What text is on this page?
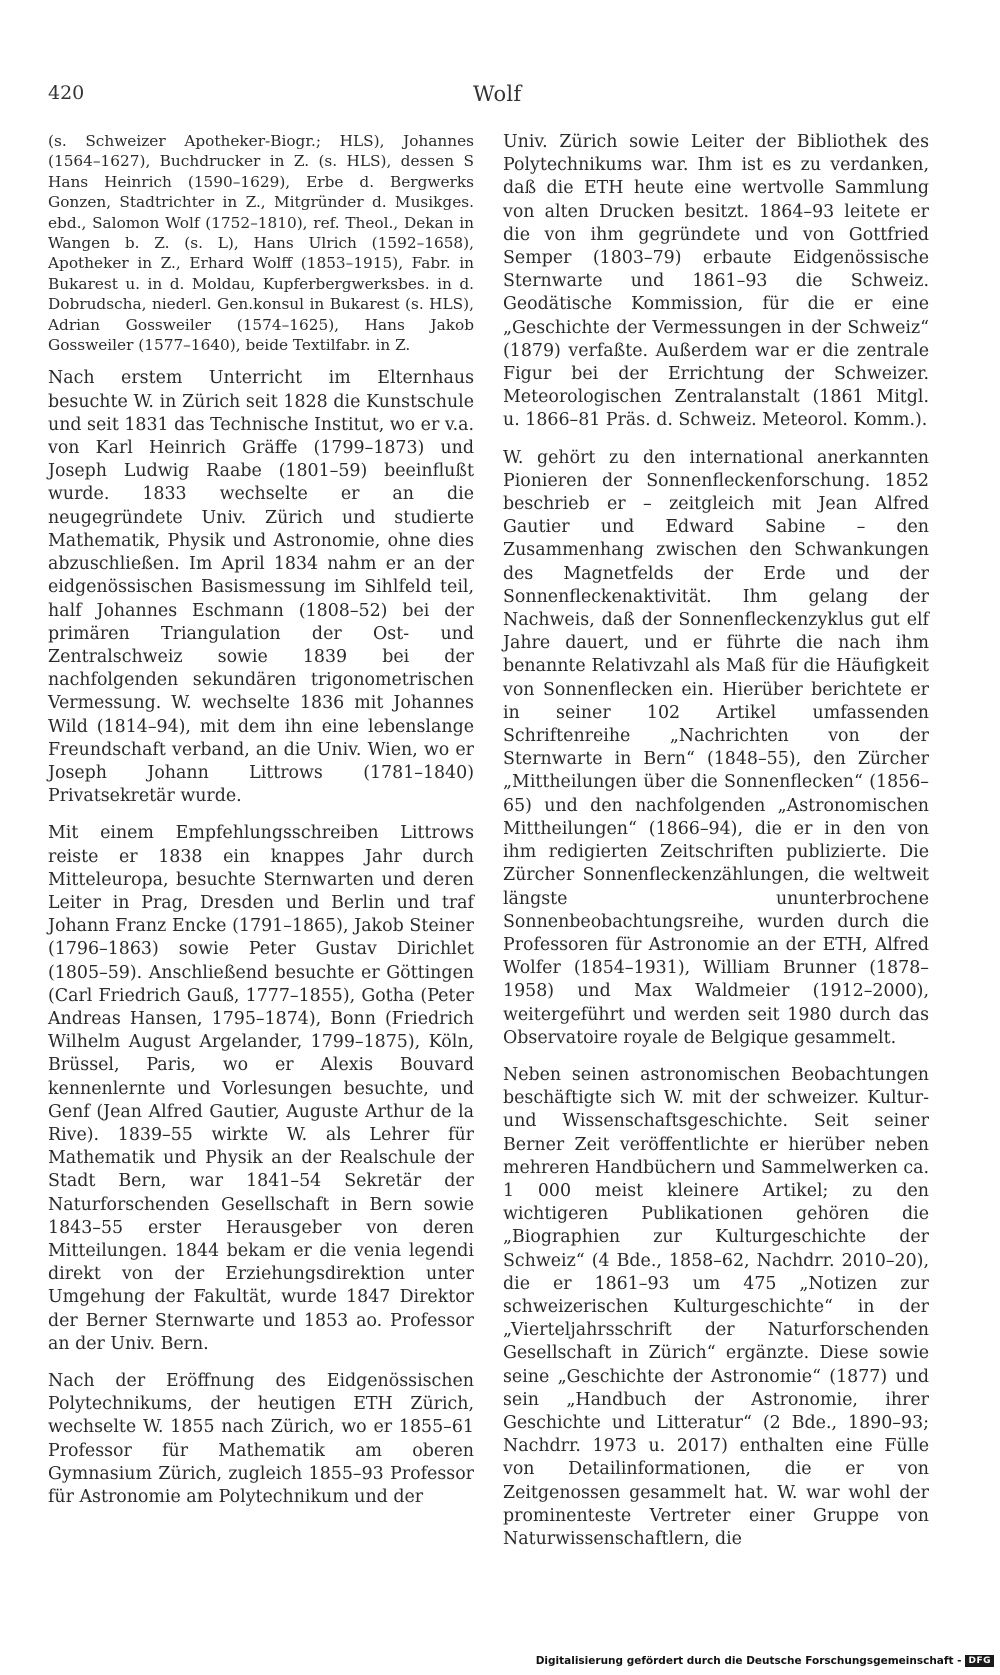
420	Wolf

(s. Schweizer Apotheker-Biogr.; HLS), Johannes (1564–1627), Buchdrucker in Z. (s. HLS), dessen S Hans Heinrich (1590–1629), Erbe d. Bergwerks Gonzen, Stadtrichter in Z., Mitgründer d. Musikges. ebd., Salomon Wolf (1752–1810), ref. Theol., Dekan in Wangen b. Z. (s. L), Hans Ulrich (1592–1658), Apotheker in Z., Erhard Wolff (1853–1915), Fabr. in Bukarest u. in d. Moldau, Kupferbergwerksbes. in d. Dobrudscha, niederl. Gen.konsul in Bukarest (s. HLS), Adrian Gossweiler (1574–1625), Hans Jakob Gossweiler (1577–1640), beide Textilfabr. in Z.

Nach erstem Unterricht im Elternhaus besuchte W. in Zürich seit 1828 die Kunstschule und seit 1831 das Technische Institut, wo er v.a. von Karl Heinrich Gräffe (1799–1873) und Joseph Ludwig Raabe (1801–59) beeinflußt wurde. 1833 wechselte er an die neugegründete Univ. Zürich und studierte Mathematik, Physik und Astronomie, ohne dies abzuschließen. Im April 1834 nahm er an der eidgenössischen Basismessung im Sihlfeld teil, half Johannes Eschmann (1808–52) bei der primären Triangulation der Ost- und Zentralschweiz sowie 1839 bei der nachfolgenden sekundären trigonometrischen Vermessung. W. wechselte 1836 mit Johannes Wild (1814–94), mit dem ihn eine lebenslange Freundschaft verband, an die Univ. Wien, wo er Joseph Johann Littrows (1781–1840) Privatsekretär wurde.

Mit einem Empfehlungsschreiben Littrows reiste er 1838 ein knappes Jahr durch Mitteleuropa, besuchte Sternwarten und deren Leiter in Prag, Dresden und Berlin und traf Johann Franz Encke (1791–1865), Jakob Steiner (1796–1863) sowie Peter Gustav Dirichlet (1805–59). Anschließend besuchte er Göttingen (Carl Friedrich Gauß, 1777–1855), Gotha (Peter Andreas Hansen, 1795–1874), Bonn (Friedrich Wilhelm August Argelander, 1799–1875), Köln, Brüssel, Paris, wo er Alexis Bouvard kennenlernte und Vorlesungen besuchte, und Genf (Jean Alfred Gautier, Auguste Arthur de la Rive). 1839–55 wirkte W. als Lehrer für Mathematik und Physik an der Realschule der Stadt Bern, war 1841–54 Sekretär der Naturforschenden Gesellschaft in Bern sowie 1843–55 erster Herausgeber von deren Mitteilungen. 1844 bekam er die venia legendi direkt von der Erziehungsdirektion unter Umgehung der Fakultät, wurde 1847 Direktor der Berner Sternwarte und 1853 ao. Professor an der Univ. Bern.

Nach der Eröffnung des Eidgenössischen Polytechnikums, der heutigen ETH Zürich, wechselte W. 1855 nach Zürich, wo er 1855–61 Professor für Mathematik am oberen Gymnasium Zürich, zugleich 1855–93 Professor für Astronomie am Polytechnikum und der

Univ. Zürich sowie Leiter der Bibliothek des Polytechnikums war. Ihm ist es zu verdanken, daß die ETH heute eine wertvolle Sammlung von alten Drucken besitzt. 1864–93 leitete er die von ihm gegründete und von Gottfried Semper (1803–79) erbaute Eidgenössische Sternwarte und 1861–93 die Schweiz. Geodätische Kommission, für die er eine „Geschichte der Vermessungen in der Schweiz“ (1879) verfaßte. Außerdem war er die zentrale Figur bei der Errichtung der Schweizer. Meteorologischen Zentralanstalt (1861 Mitgl. u. 1866–81 Präs. d. Schweiz. Meteorol. Komm.).

W. gehört zu den international anerkannten Pionieren der Sonnenfleckenforschung. 1852 beschrieb er – zeitgleich mit Jean Alfred Gautier und Edward Sabine – den Zusammenhang zwischen den Schwankungen des Magnetfelds der Erde und der Sonnenfleckenaktivität. Ihm gelang der Nachweis, daß der Sonnenfleckenzyklus gut elf Jahre dauert, und er führte die nach ihm benannte Relativzahl als Maß für die Häufigkeit von Sonnenflecken ein. Hierüber berichtete er in seiner 102 Artikel umfassenden Schriftenreihe „Nachrichten von der Sternwarte in Bern“ (1848–55), den Zürcher „Mittheilungen über die Sonnenflecken“ (1856–65) und den nachfolgenden „Astronomischen Mittheilungen“ (1866–94), die er in den von ihm redigierten Zeitschriften publizierte. Die Zürcher Sonnenfleckenzählungen, die weltweit längste ununterbrochene Sonnenbeobachtungsreihe, wurden durch die Professoren für Astronomie an der ETH, Alfred Wolfer (1854–1931), William Brunner (1878–1958) und Max Waldmeier (1912–2000), weitergeführt und werden seit 1980 durch das Observatoire royale de Belgique gesammelt.

Neben seinen astronomischen Beobachtungen beschäftigte sich W. mit der schweizer. Kultur- und Wissenschaftsgeschichte. Seit seiner Berner Zeit veröffentlichte er hierüber neben mehreren Handbüchern und Sammelwerken ca. 1 000 meist kleinere Artikel; zu den wichtigeren Publikationen gehören die „Biographien zur Kulturgeschichte der Schweiz“ (4 Bde., 1858–62, Nachdrr. 2010–20), die er 1861–93 um 475 „Notizen zur schweizerischen Kulturgeschichte“ in der „Vierteljahrsschrift der Naturforschenden Gesellschaft in Zürich“ ergänzte. Diese sowie seine „Geschichte der Astronomie“ (1877) und sein „Handbuch der Astronomie, ihrer Geschichte und Litteratur“ (2 Bde., 1890–93; Nachdrr. 1973 u. 2017) enthalten eine Fülle von Detailinformationen, die er von Zeitgenossen gesammelt hat. W. war wohl der prominenteste Vertreter einer Gruppe von Naturwissenschaftlern, die

Digitalisierung gefördert durch die Deutsche Forschungsgemeinschaft - DFG
